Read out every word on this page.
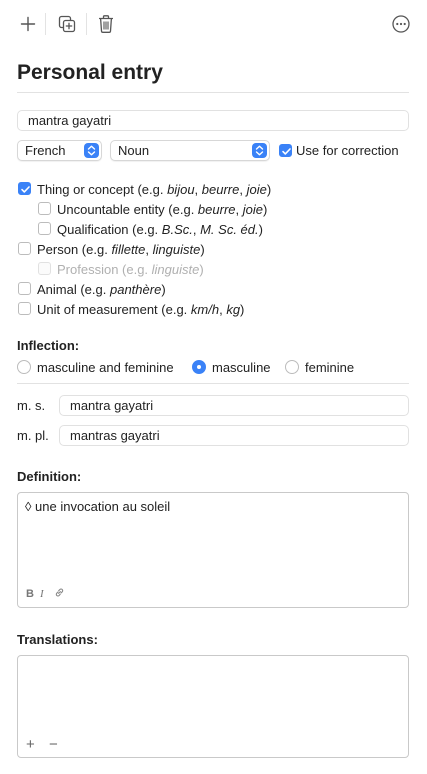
Personal entry
mantra gayatri
French	Noun	Use for correction
Thing or concept (e.g. bijou, beurre, joie)
Uncountable entity (e.g. beurre, joie)
Qualification (e.g. B.Sc., M. Sc. éd.)
Person (e.g. fillette, linguiste)
Profession (e.g. linguiste)
Animal (e.g. panthère)
Unit of measurement (e.g. km/h, kg)
Inflection:
masculine and feminine	masculine	feminine
m. s.	mantra gayatri
m. pl.	mantras gayatri
Definition:
◊ une invocation au soleil
B I
Translations:
+ −
